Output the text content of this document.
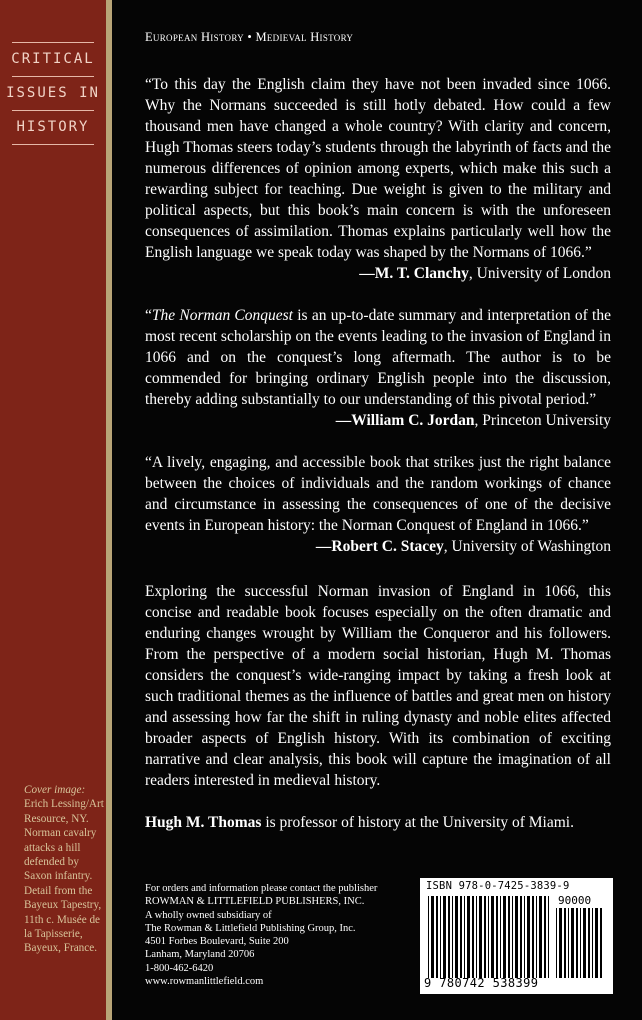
CRITICAL
ISSUES IN
HISTORY
Cover image:
Erich Lessing/Art Resource, NY. Norman cavalry attacks a hill defended by Saxon infantry. Detail from the Bayeux Tapestry, 11th c. Musée de la Tapisserie, Bayeux, France.
European History • Medieval History

“To this day the English claim they have not been invaded since 1066. Why the Normans succeeded is still hotly debated. How could a few thousand men have changed a whole country? With clarity and concern, Hugh Thomas steers today’s students through the labyrinth of facts and the numerous differences of opinion among experts, which make this such a rewarding subject for teaching. Due weight is given to the military and political aspects, but this book’s main concern is with the unforeseen consequences of assimilation. Thomas explains particularly well how the English language we speak today was shaped by the Normans of 1066.”

—M. T. Clanchy, University of London

“The Norman Conquest is an up-to-date summary and interpretation of the most recent scholarship on the events leading to the invasion of England in 1066 and on the conquest’s long aftermath. The author is to be commended for bringing ordinary English people into the discussion, thereby adding substantially to our understanding of this pivotal period.”

—William C. Jordan, Princeton University

“A lively, engaging, and accessible book that strikes just the right balance between the choices of individuals and the random workings of chance and circumstance in assessing the consequences of one of the decisive events in European history: the Norman Conquest of England in 1066.”

—Robert C. Stacey, University of Washington

Exploring the successful Norman invasion of England in 1066, this concise and readable book focuses especially on the often dramatic and enduring changes wrought by William the Conqueror and his followers. From the perspective of a modern social historian, Hugh M. Thomas considers the conquest’s wide-ranging impact by taking a fresh look at such traditional themes as the influence of battles and great men on history and assessing how far the shift in ruling dynasty and noble elites affected broader aspects of English history. With its combination of exciting narrative and clear analysis, this book will capture the imagination of all readers interested in medieval history.

Hugh M. Thomas is professor of history at the University of Miami.

For orders and information please contact the publisher
ROWMAN & LITTLEFIELD PUBLISHERS, INC.
A wholly owned subsidiary of
The Rowman & Littlefield Publishing Group, Inc.
4501 Forbes Boulevard, Suite 200
Lanham, Maryland 20706
1-800-462-6420
www.rowmanlittlefield.com
ISBN 978-0-7425-3839-9
90000
9 780742 538399
